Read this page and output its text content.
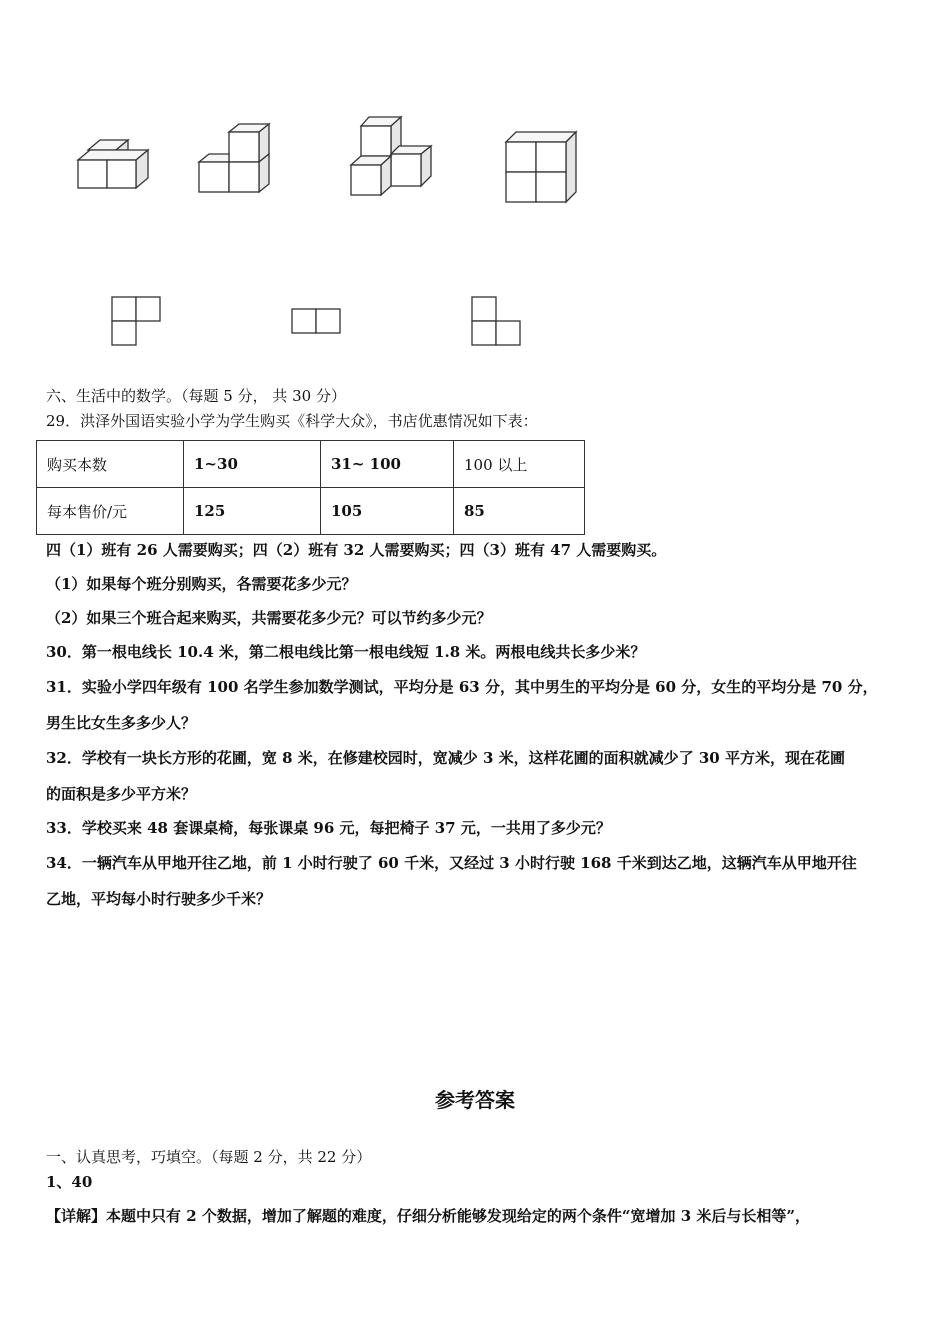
六、生活中的数学。（每题 5 分， 共 30 分）
29．洪泽外国语实验小学为学生购买《科学大众》，书店优惠情况如下表：
购买本数	1~30	31~ 100	100 以上
每本售价/元	125	105	85
四（1）班有 26 人需要购买；四（2）班有 32 人需要购买；四（3）班有 47 人需要购买。
（1）如果每个班分别购买，各需要花多少元？
（2）如果三个班合起来购买，共需要花多少元？可以节约多少元？
30．第一根电线长 10.4 米，第二根电线比第一根电线短 1.8 米。两根电线共长多少米？
31．实验小学四年级有 100 名学生参加数学测试，平均分是 63 分，其中男生的平均分是 60 分，女生的平均分是 70 分，
男生比女生多多少人？
32．学校有一块长方形的花圃，宽 8 米，在修建校园时，宽减少 3 米，这样花圃的面积就减少了 30 平方米，现在花圃
的面积是多少平方米？
33．学校买来 48 套课桌椅，每张课桌 96 元，每把椅子 37 元，一共用了多少元？
34．一辆汽车从甲地开往乙地，前 1 小时行驶了 60 千米，又经过 3 小时行驶 168 千米到达乙地，这辆汽车从甲地开往
乙地，平均每小时行驶多少千米？
参考答案
一、认真思考，巧填空。（每题 2 分，共 22 分）
1、40
【详解】本题中只有 2 个数据，增加了解题的难度，仔细分析能够发现给定的两个条件“宽增加 3 米后与长相等”，
